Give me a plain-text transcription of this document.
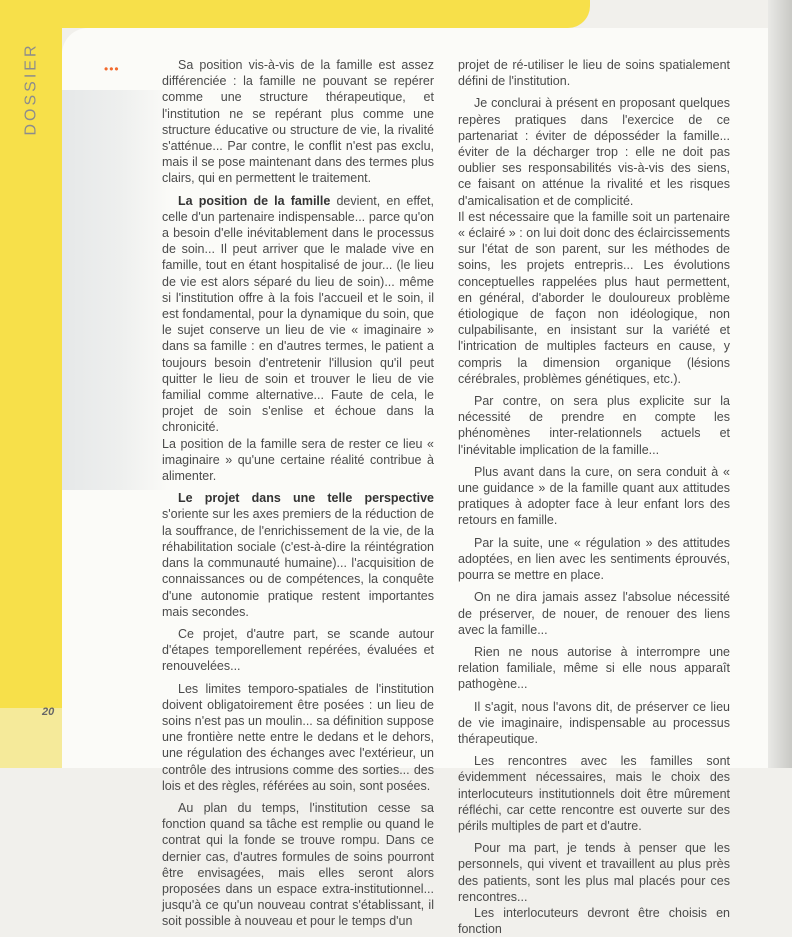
DOSSIER	•••
20

Sa position vis-à-vis de la famille est assez différenciée : la famille ne pouvant se repérer comme une structure thérapeutique, et l'institution ne se repérant plus comme une structure éducative ou structure de vie, la rivalité s'atténue... Par contre, le conflit n'est pas exclu, mais il se pose maintenant dans des termes plus clairs, qui en permettent le traitement.

La position de la famille devient, en effet, celle d'un partenaire indispensable... parce qu'on a besoin d'elle inévitablement dans le processus de soin... Il peut arriver que le malade vive en famille, tout en étant hospitalisé de jour... (le lieu de vie est alors séparé du lieu de soin)... même si l'institution offre à la fois l'accueil et le soin, il est fondamental, pour la dynamique du soin, que le sujet conserve un lieu de vie « imaginaire » dans sa famille : en d'autres termes, le patient a toujours besoin d'entretenir l'illusion qu'il peut quitter le lieu de soin et trouver le lieu de vie familial comme alternative... Faute de cela, le projet de soin s'enlise et échoue dans la chronicité.

La position de la famille sera de rester ce lieu « imaginaire » qu'une certaine réalité contribue à alimenter.

Le projet dans une telle perspective s'oriente sur les axes premiers de la réduction de la souffrance, de l'enrichissement de la vie, de la réhabilitation sociale (c'est-à-dire la réintégration dans la communauté humaine)... l'acquisition de connaissances ou de compétences, la conquête d'une autonomie pratique restent importantes mais secondes.

Ce projet, d'autre part, se scande autour d'étapes temporellement repérées, évaluées et renouvelées...

Les limites temporo-spatiales de l'institution doivent obligatoirement être posées : un lieu de soins n'est pas un moulin... sa définition suppose une frontière nette entre le dedans et le dehors, une régulation des échanges avec l'extérieur, un contrôle des intrusions comme des sorties... des lois et des règles, référées au soin, sont posées.

Au plan du temps, l'institution cesse sa fonction quand sa tâche est remplie ou quand le contrat qui la fonde se trouve rompu. Dans ce dernier cas, d'autres formules de soins pourront être envisagées, mais elles seront alors proposées dans un espace extra-institutionnel... jusqu'à ce qu'un nouveau contrat s'établissant, il soit possible à nouveau et pour le temps d'un

projet de ré-utiliser le lieu de soins spatialement défini de l'institution.

Je conclurai à présent en proposant quelques repères pratiques dans l'exercice de ce partenariat : éviter de déposséder la famille... éviter de la décharger trop : elle ne doit pas oublier ses responsabilités vis-à-vis des siens, ce faisant on atténue la rivalité et les risques d'amicalisation et de complicité.

Il est nécessaire que la famille soit un partenaire « éclairé » : on lui doit donc des éclaircissements sur l'état de son parent, sur les méthodes de soins, les projets entrepris... Les évolutions conceptuelles rappelées plus haut permettent, en général, d'aborder le douloureux problème étiologique de façon non idéologique, non culpabilisante, en insistant sur la variété et l'intrication de multiples facteurs en cause, y compris la dimension organique (lésions cérébrales, problèmes génétiques, etc.).

Par contre, on sera plus explicite sur la nécessité de prendre en compte les phénomènes inter-relationnels actuels et l'inévitable implication de la famille...

Plus avant dans la cure, on sera conduit à « une guidance » de la famille quant aux attitudes pratiques à adopter face à leur enfant lors des retours en famille.

Par la suite, une « régulation » des attitudes adoptées, en lien avec les sentiments éprouvés, pourra se mettre en place.

On ne dira jamais assez l'absolue nécessité de préserver, de nouer, de renouer des liens avec la famille...

Rien ne nous autorise à interrompre une relation familiale, même si elle nous apparaît pathogène...

Il s'agit, nous l'avons dit, de préserver ce lieu de vie imaginaire, indispensable au processus thérapeutique.

Les rencontres avec les familles sont évidemment nécessaires, mais le choix des interlocuteurs institutionnels doit être mûrement réfléchi, car cette rencontre est ouverte sur des périls multiples de part et d'autre.

Pour ma part, je tends à penser que les personnels, qui vivent et travaillent au plus près des patients, sont les plus mal placés pour ces rencontres...

Les interlocuteurs devront être choisis en fonction
